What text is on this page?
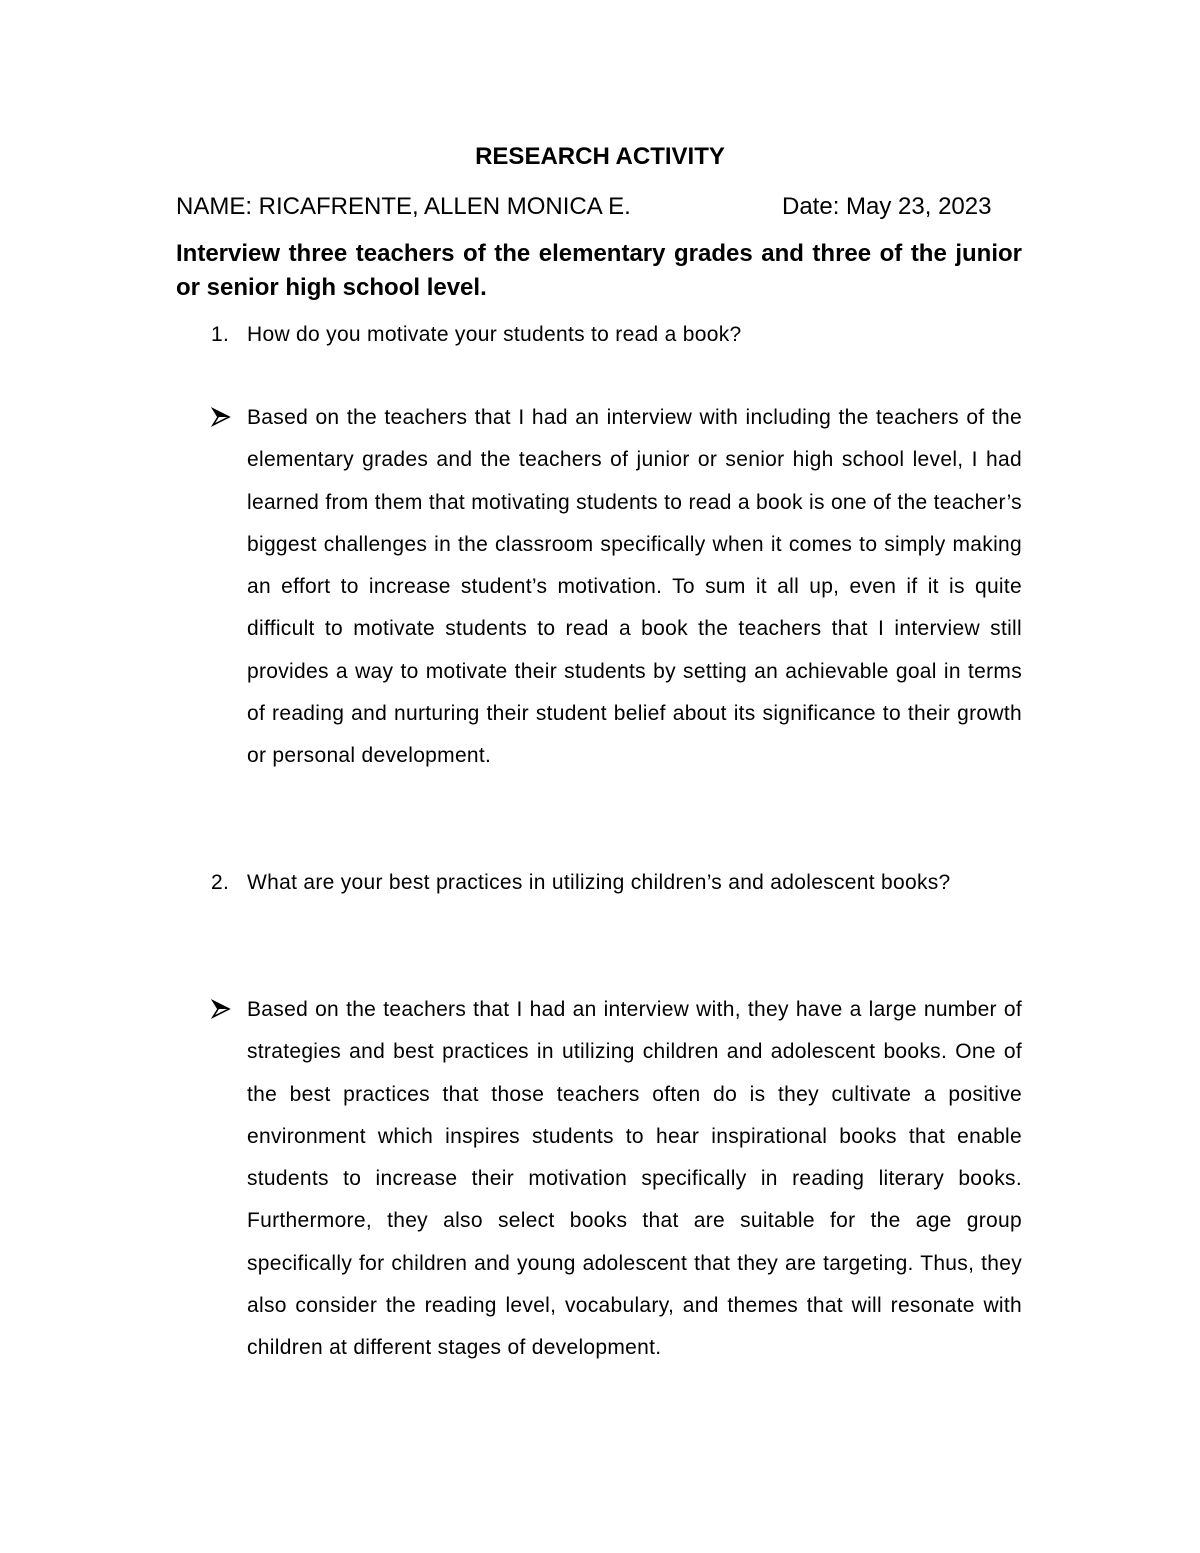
RESEARCH ACTIVITY
NAME: RICAFRENTE, ALLEN MONICA E.	Date: May 23, 2023
Interview three teachers of the elementary grades and three of the junior or senior high school level.
1. How do you motivate your students to read a book?
Based on the teachers that I had an interview with including the teachers of the elementary grades and the teachers of junior or senior high school level, I had learned from them that motivating students to read a book is one of the teacher’s biggest challenges in the classroom specifically when it comes to simply making an effort to increase student’s motivation. To sum it all up, even if it is quite difficult to motivate students to read a book the teachers that I interview still provides a way to motivate their students by setting an achievable goal in terms of reading and nurturing their student belief about its significance to their growth or personal development.
2. What are your best practices in utilizing children’s and adolescent books?
Based on the teachers that I had an interview with, they have a large number of strategies and best practices in utilizing children and adolescent books. One of the best practices that those teachers often do is they cultivate a positive environment which inspires students to hear inspirational books that enable students to increase their motivation specifically in reading literary books. Furthermore, they also select books that are suitable for the age group specifically for children and young adolescent that they are targeting. Thus, they also consider the reading level, vocabulary, and themes that will resonate with children at different stages of development.
